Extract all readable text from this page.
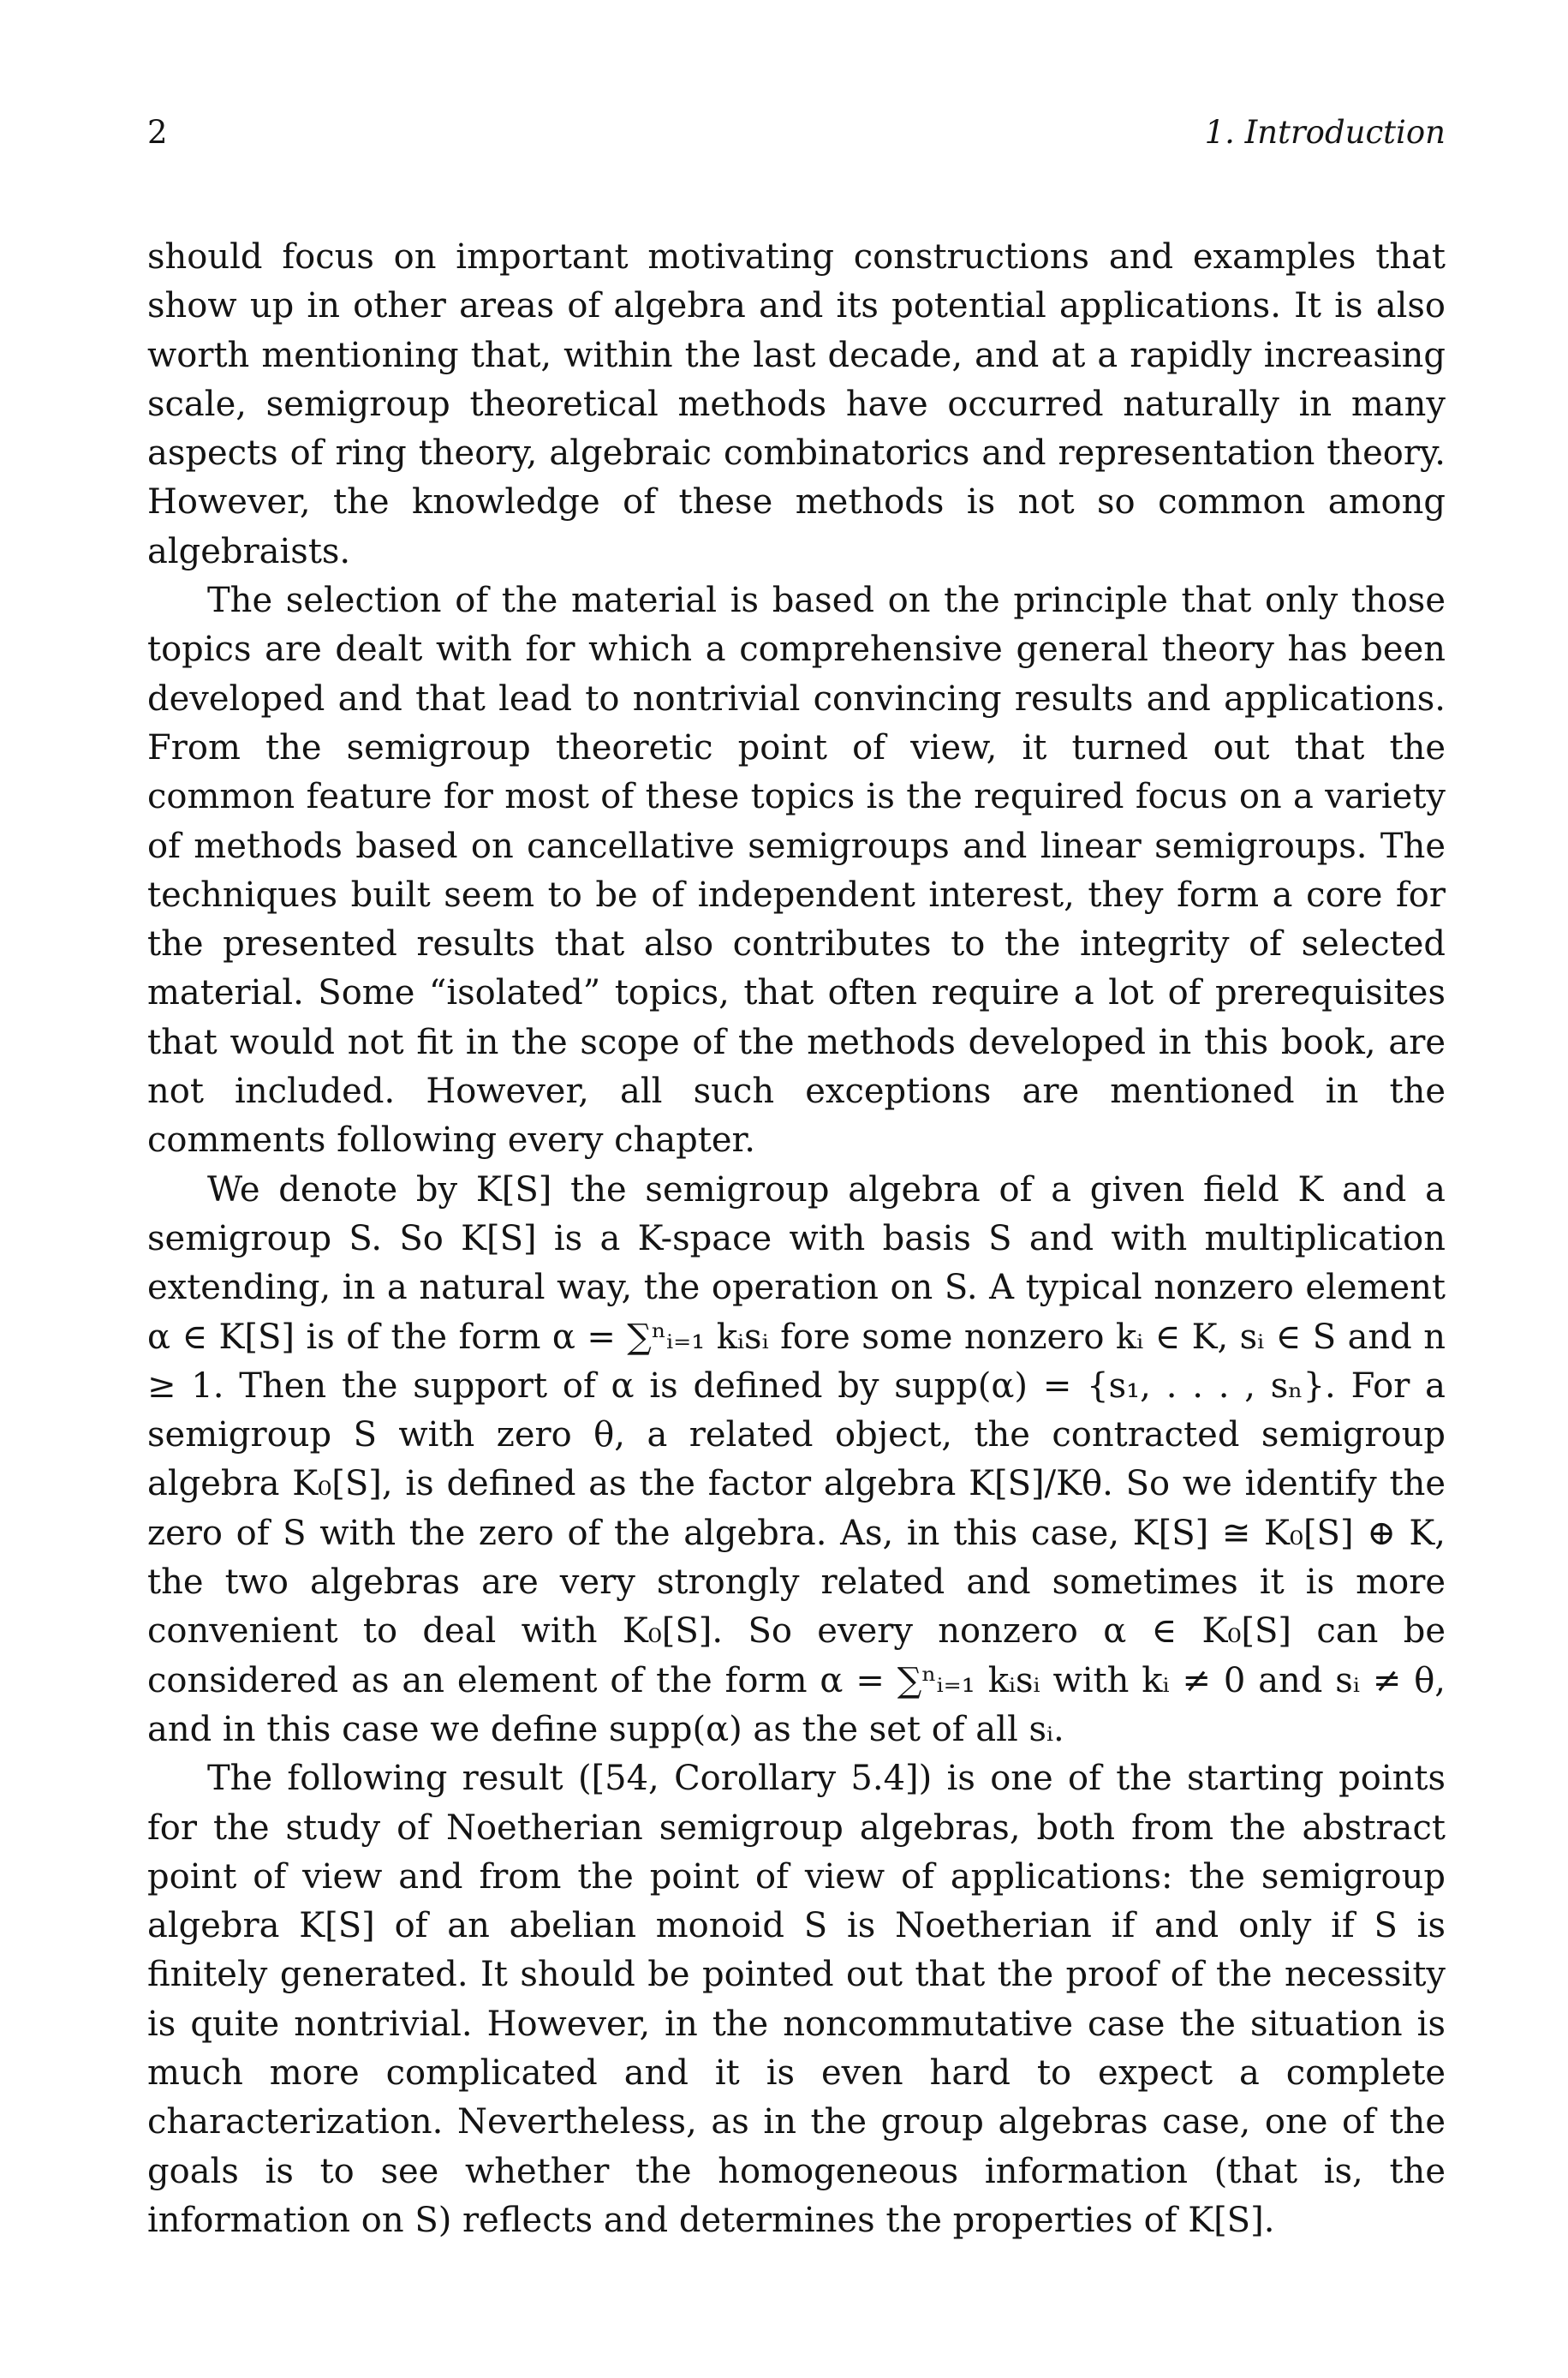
2	1. Introduction

should focus on important motivating constructions and examples that show up in other areas of algebra and its potential applications. It is also worth mentioning that, within the last decade, and at a rapidly increasing scale, semigroup theoretical methods have occurred naturally in many aspects of ring theory, algebraic combinatorics and representation theory. However, the knowledge of these methods is not so common among algebraists.

The selection of the material is based on the principle that only those topics are dealt with for which a comprehensive general theory has been developed and that lead to nontrivial convincing results and applications. From the semigroup theoretic point of view, it turned out that the common feature for most of these topics is the required focus on a variety of methods based on cancellative semigroups and linear semigroups. The techniques built seem to be of independent interest, they form a core for the presented results that also contributes to the integrity of selected material. Some “isolated” topics, that often require a lot of prerequisites that would not fit in the scope of the methods developed in this book, are not included. However, all such exceptions are mentioned in the comments following every chapter.

We denote by K[S] the semigroup algebra of a given field K and a semigroup S. So K[S] is a K-space with basis S and with multiplication extending, in a natural way, the operation on S. A typical nonzero element α ∈ K[S] is of the form α = ∑ⁿᵢ₌₁ kᵢsᵢ fore some nonzero kᵢ ∈ K, sᵢ ∈ S and n ≥ 1. Then the support of α is defined by supp(α) = {s₁, . . . , sₙ}. For a semigroup S with zero θ, a related object, the contracted semigroup algebra K₀[S], is defined as the factor algebra K[S]/Kθ. So we identify the zero of S with the zero of the algebra. As, in this case, K[S] ≅ K₀[S] ⊕ K, the two algebras are very strongly related and sometimes it is more convenient to deal with K₀[S]. So every nonzero α ∈ K₀[S] can be considered as an element of the form α = ∑ⁿᵢ₌₁ kᵢsᵢ with kᵢ ≠ 0 and sᵢ ≠ θ, and in this case we define supp(α) as the set of all sᵢ.

The following result ([54, Corollary 5.4]) is one of the starting points for the study of Noetherian semigroup algebras, both from the abstract point of view and from the point of view of applications: the semigroup algebra K[S] of an abelian monoid S is Noetherian if and only if S is finitely generated. It should be pointed out that the proof of the necessity is quite nontrivial. However, in the noncommutative case the situation is much more complicated and it is even hard to expect a complete characterization. Nevertheless, as in the group algebras case, one of the goals is to see whether the homogeneous information (that is, the information on S) reflects and determines the properties of K[S].
